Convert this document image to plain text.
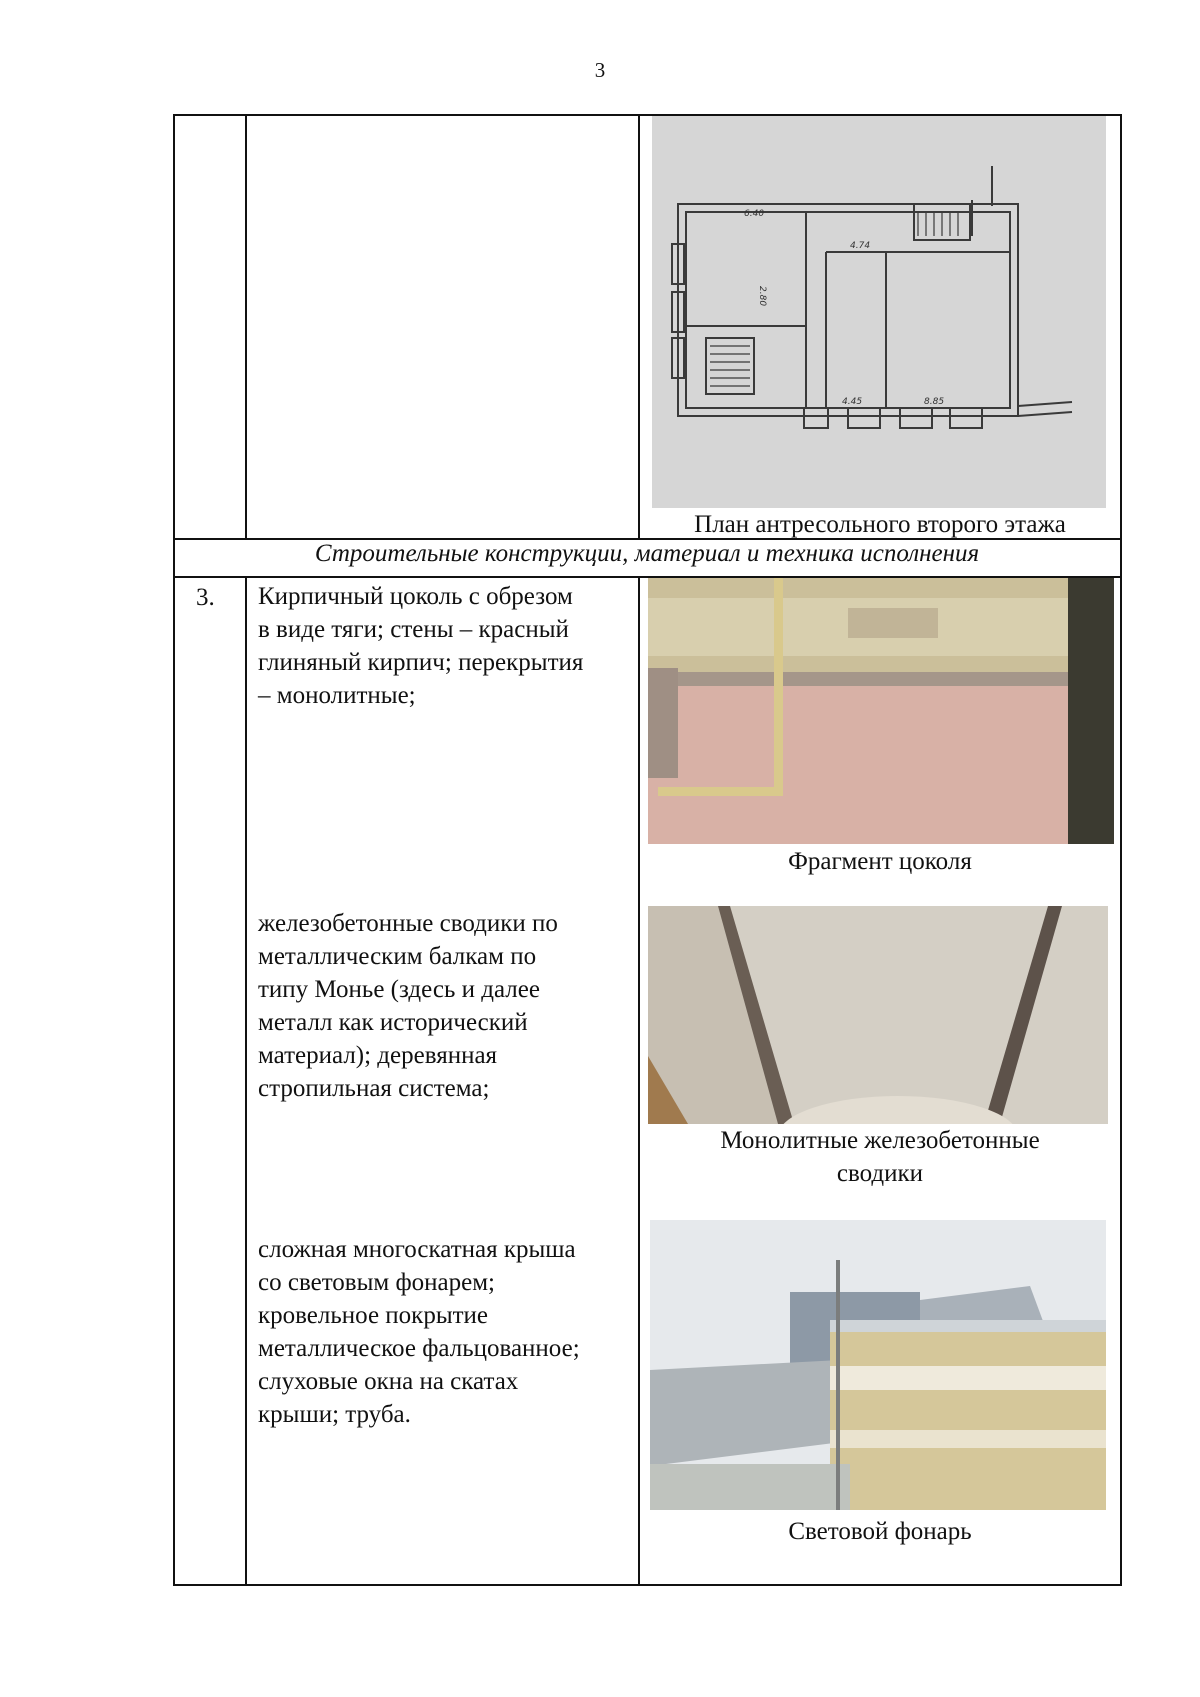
3
6.40
4.74
2.80
4.45	8.85
План антресольного второго этажа
Строительные конструкции, материал и техника исполнения
3. Кирпичный цоколь с обрезом
в виде тяги; стены – красный
глиняный кирпич; перекрытия
– монолитные;
железобетонные сводики по
металлическим балкам по
типу Монье (здесь и далее
металл как исторический
материал); деревянная
стропильная система;
сложная многоскатная крыша
со световым фонарем;
кровельное покрытие
металлическое фальцованное;
слуховые окна на скатах
крыши; труба.
Фрагмент цоколя
Монолитные железобетонные
сводики
Световой фонарь
